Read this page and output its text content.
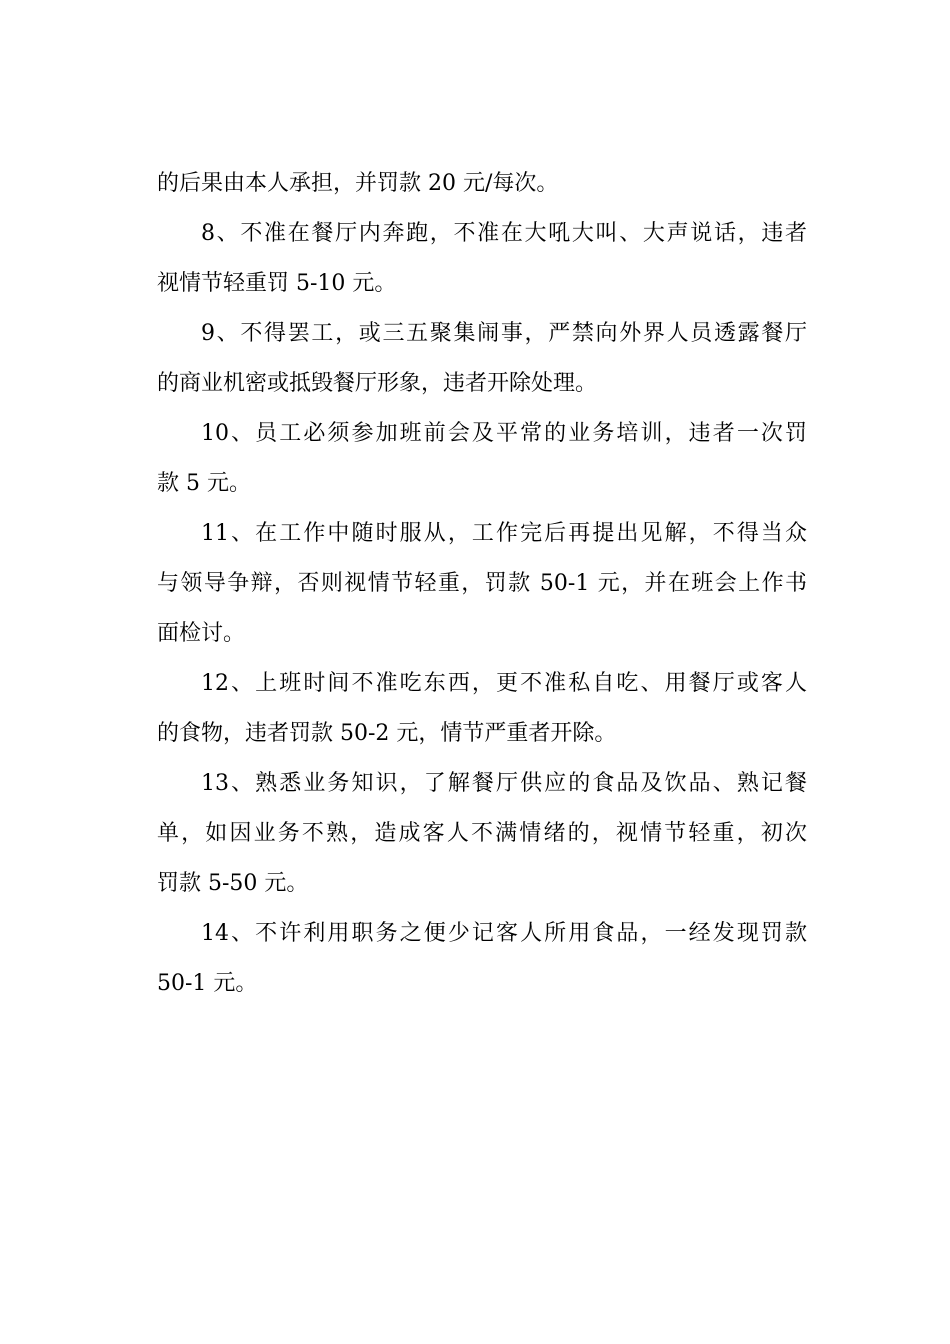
的后果由本人承担，并罚款 20 元/每次。
8、不准在餐厅内奔跑，不准在大吼大叫、大声说话，违者
视情节轻重罚 5-10 元。
9、不得罢工，或三五聚集闹事，严禁向外界人员透露餐厅
的商业机密或抵毁餐厅形象，违者开除处理。
10、员工必须参加班前会及平常的业务培训，违者一次罚
款 5 元。
11、在工作中随时服从，工作完后再提出见解，不得当众
与领导争辩，否则视情节轻重，罚款 50-1 元，并在班会上作书
面检讨。
12、上班时间不准吃东西，更不准私自吃、用餐厅或客人
的食物，违者罚款 50-2 元，情节严重者开除。
13、熟悉业务知识，了解餐厅供应的食品及饮品、熟记餐
单，如因业务不熟，造成客人不满情绪的，视情节轻重，初次
罚款 5-50 元。
14、不许利用职务之便少记客人所用食品，一经发现罚款
50-1 元。
